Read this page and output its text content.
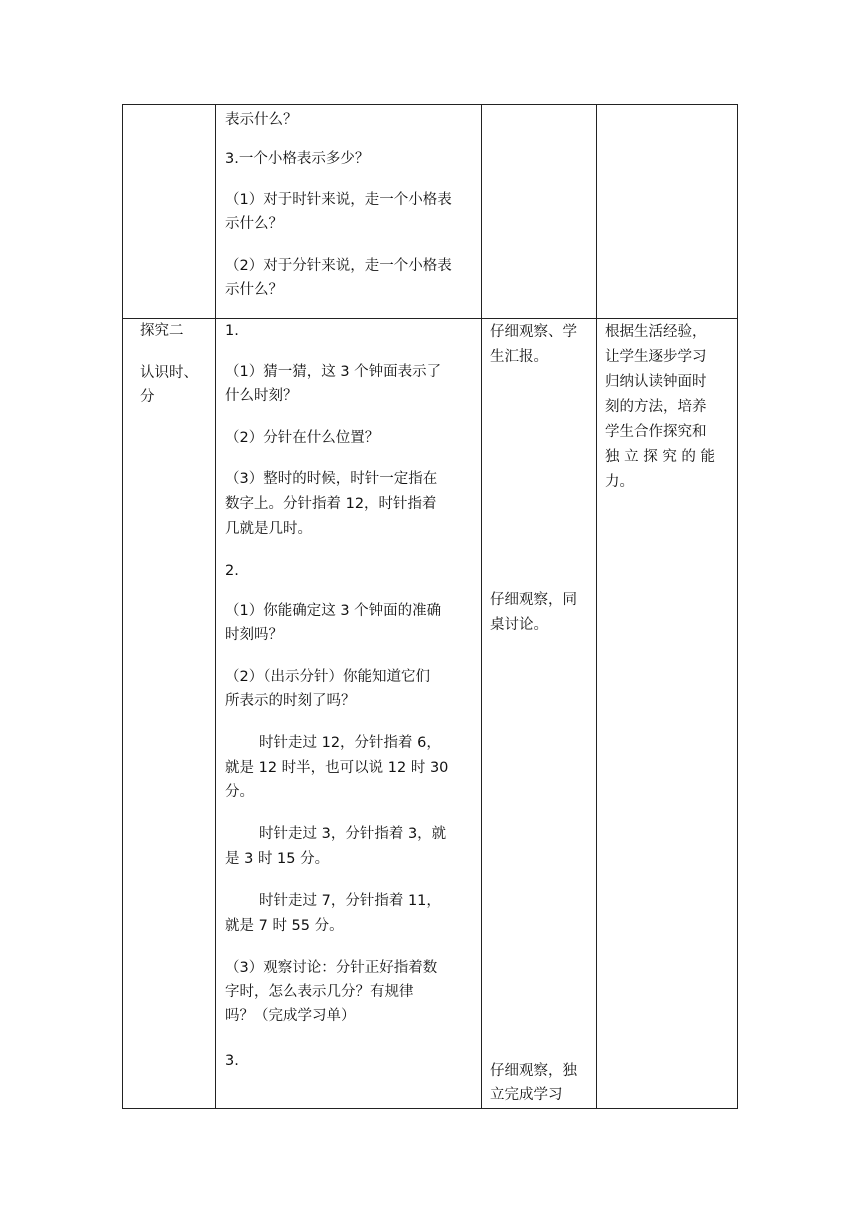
表示什么？
3.一个小格表示多少？
（1）对于时针来说，走一个小格表
示什么？
（2）对于分针来说，走一个小格表
示什么？
探究二
认识时、
分
1.
（1）猜一猜，这 3 个钟面表示了
什么时刻？
（2）分针在什么位置？
（3）整时的时候，时针一定指在
数字上。分针指着 12，时针指着
几就是几时。
2.
（1）你能确定这 3 个钟面的准确
时刻吗？
（2）（出示分针）你能知道它们
所表示的时刻了吗？
时针走过 12，分针指着 6，
就是 12 时半，也可以说 12 时 30
分。
时针走过 3，分针指着 3，就
是 3 时 15 分。
时针走过 7，分针指着 11，
就是 7 时 55 分。
（3）观察讨论：分针正好指着数
字时，怎么表示几分？有规律
吗？（完成学习单）
3.
仔细观察、学
生汇报。
仔细观察，同
桌讨论。
仔细观察，独
立完成学习
根据生活经验，
让学生逐步学习
归纳认读钟面时
刻的方法，培养
学生合作探究和
独 立 探 究 的 能
力。
